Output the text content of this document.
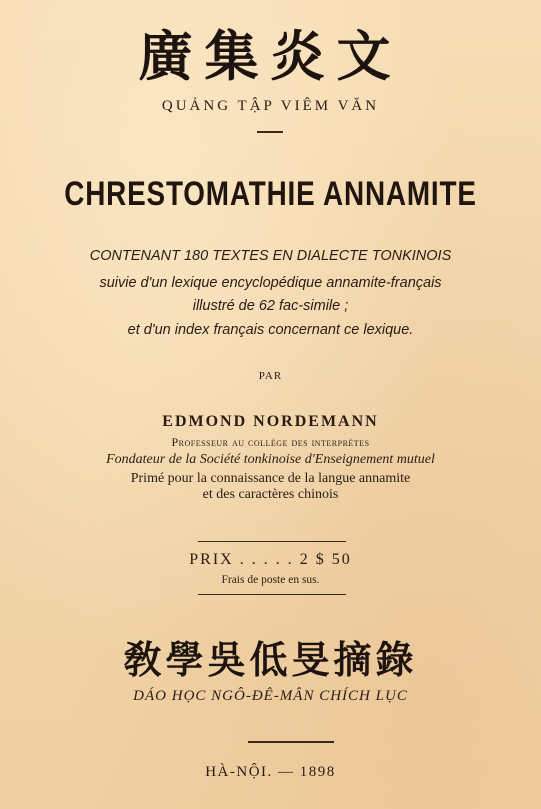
廣集炎文
QUẢNG TẬP VIÊM VĂN
CHRESTOMATHIE ANNAMITE
CONTENANT 180 TEXTES EN DIALECTE TONKINOIS
suivie d'un lexique encyclopédique annamite-français
illustré de 62 fac-simile ;
et d'un index français concernant ce lexique.
PAR
EDMOND NORDEMANN
Professeur au collège des interprètes
Fondateur de la Société tonkinoise d'Enseignement mutuel
Primé pour la connaissance de la langue annamite
et des caractères chinois
PRIX . . . . . 2 $ 50
Frais de poste en sus.
敎學吳低旻摘錄
DÁO HỌC NGÔ-ĐÊ-MÂN CHÍCH LỤC
HÀ-NỘI. — 1898
